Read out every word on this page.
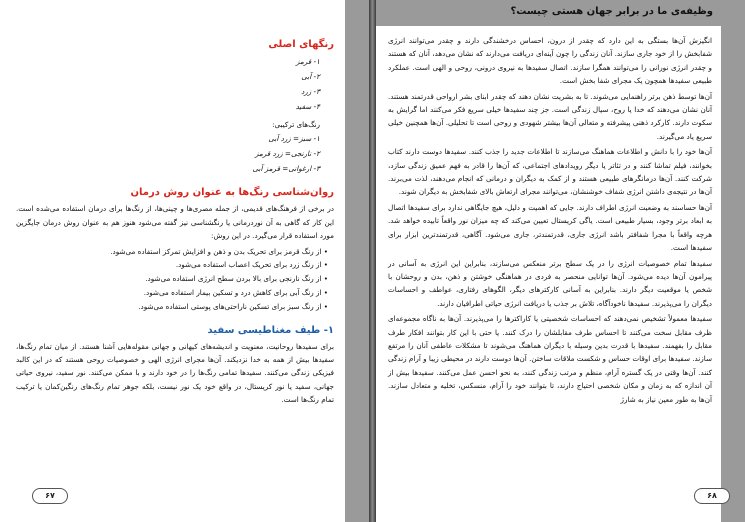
رنگهای اصلی
۱- قرمز
۲- آبی
۳- زرد
۴- سفید
رنگ‌های ترکیبی:
۱- سبز= زرد آبی
۲- نارنجی= زرد قرمز
۳- ارغوانی= قرمز آبی
روان‌شناسی رنگ‌ها به عنوان روش درمان
در برخی از فرهنگ‌های قدیمی، از جمله مصری‌ها و چینی‌ها، از رنگ‌ها برای درمان استفاده می‌شده است. این کار که گاهی به آن نوردرمانی یا رنگشناسی نیز گفته می‌شود هنوز هم به عنوان روش درمان جایگزین مورد استفاده قرار می‌گیرد. در این روش:
• از رنگ قرمز برای تحریک بدن و ذهن و افزایش تمرکز استفاده می‌شود.
• از رنگ زرد برای تحریک اعصاب استفاده می‌شود.
• از رنگ نارنجی برای بالا بردن سطح انرژی استفاده می‌شود.
• از رنگ آبی برای کاهش درد و تسکین بیمار استفاده می‌شود.
• از رنگ سبز برای تسکین ناراحتی‌های پوستی استفاده می‌شود.
۱- طیف مغناطیسی سفید
برای سفیدها روحانیت، معنویت و اندیشه‌های کیهانی و جهانی مقوله‌هایی آشنا هستند. از میان تمام رنگ‌ها، سفیدها بیش از همه به خدا نزدیکند. آن‌ها مجرای انرژی الهی و خصوصیات روحی هستند که در این کالبد فیزیکی زندگی می‌کنند. سفیدها تمامی رنگ‌ها را در خود دارند و با ممکن می‌کنند. نور سفید، نیروی حیاتی جهانی، سفید یا نور کریستال، در واقع خود یک نور نیست، بلکه جوهر تمام رنگ‌های رنگین‌کمان یا ترکیب تمام رنگ‌ها است.
۶۷
وظیفه‌ی ما در برابر جهان هستی چیست؟
انگیزش آن‌ها بستگی به این دارد که چقدر از درون، احساس درخشندگی دارند و چقدر می‌توانند انرژی شفابخش را از خود جاری سازند. آنان زندگی را چون آینه‌ای دریافت می‌دارند که نشان می‌دهد، آنان که هستند و چقدر انرژی نورانی را می‌توانند همگرا سازند. اتصال سفیدها به نیروی درونی، روحی و الهی است. عملکرد طبیعی سفیدها همچون یک مجرای شفا بخش است.
آن‌ها توسط ذهن برتر راهنمایی می‌شوند. تا به بشریت نشان دهند که چقدر ابنای بشر ارواحی قدرتمند هستند. آنان نشان می‌دهند که خدا یا روح، سیال زندگی است. جز چند سفیدها خیلی سریع فکر می‌کنند اما گرایش به سکوت دارند. کارکرد ذهنی پیشرفته و متعالی آن‌ها بیشتر شهودی و روحی است تا تحلیلی. آن‌ها همچنین خیلی سریع یاد می‌گیرند.
آن‌ها خود را با دانش و اطلاعات هماهنگ می‌سازند تا اطلاعات جدید را جذب کنند. سفیدها دوست دارند کتاب بخوانند، فیلم تماشا کنند و در تئاتر یا دیگر رویدادهای اجتماعی، که آن‌ها را قادر به فهم عمیق زندگی سازد، شرکت کنند. آن‌ها درمانگرهای طبیعی هستند و از کمک به دیگران و درمانی که انجام می‌دهند، لذت می‌برند. آن‌ها در نتیجه‌ی داشتن انرژی شفاف خوشنشان، می‌توانند مجرای ارتعاش بالای شفابخش به دیگران شوند.
آن‌ها حساسند به وضعیت انرژی اطراف دارند. جایی که اهمیت و دلیل، هیچ جایگاهی ندارد برای سفیدها اتصال به ابعاد برتر وجود، بسیار طبیعی است. یاگی کریستال تعیین می‌کند که چه میزان نور واقعاً تابیده خواهد شد. هرچه واقعاً با مجرا شفافتر باشد انرژی جاری، قدرتمندتر، جاری می‌شود. آگاهی، قدرتمندترین ابزار برای سفیدها است.
سفیدها تمام خصوصیات انرژی را در یک سطح برتر منعکس می‌سازند، بنابراین این انرژی به آسانی در پیرامون آن‌ها دیده می‌شود. آن‌ها توانایی منحصر به فردی در هماهنگی خوشتن و ذهن، بدن و روحشان با شخص یا موقعیت دیگر دارند. بنابراین به آسانی کارکترهای دیگر، الگوهای رفتاری، عواطف و احساسات دیگران را می‌پذیرند. سفیدها ناخودآگاه، تلاش بر جذب یا دریافت انرژی حیاتی اطرافیان دارند.
سفیدها معمولاً تشخیص نمی‌دهند که احساسات شخصیتی یا کاراکترها را می‌پذیرند. آن‌ها به ناگاه مجموعه‌ای ظرف مقابل سخت می‌کنند تا احساس طرف مقابلشان را درک کنند. یا حتی با این کار بتوانند افکار طرف مقابل را بفهمند. سفیدها با قدرت بدین وسیله با دیگران هماهنگ می‌شوند تا مشکلات عاطفی آنان را مرتفع سازند. سفیدها برای اوقات حساس و شکست ملاقات ساختن. آن‌ها دوست دارند در محیطی زیبا و آرام زندگی کنند. آن‌ها وقتی در یک گستره آرام، منظم و مرتب زندگی کنند، به نحو احسن عمل می‌کنند. سفیدها بیش از آن اندازه که به زمان و مکان شخصی احتیاج دارند، تا بتوانند خود را آرام، منسکس، تخلیه و متعادل سازند. آن‌ها به طور معین نیاز به شارژ
۶۸
